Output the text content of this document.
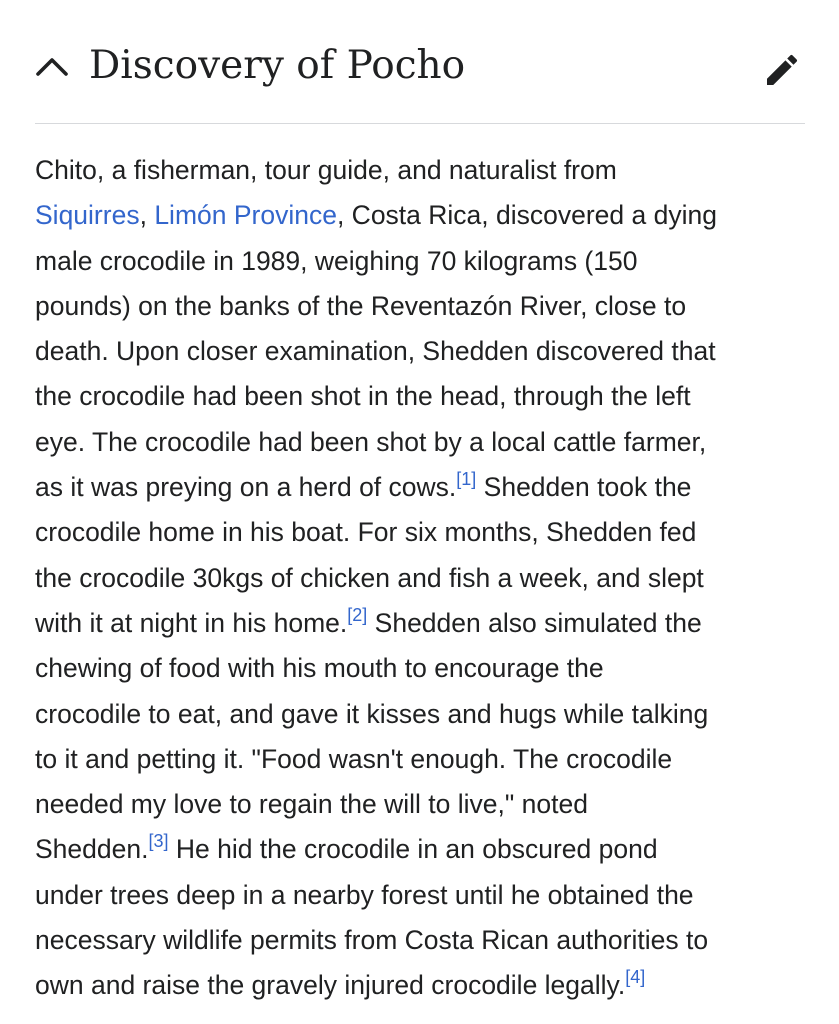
Discovery of Pocho

Chito, a fisherman, tour guide, and naturalist from
Siquirres, Limón Province, Costa Rica, discovered a dying
male crocodile in 1989, weighing 70 kilograms (150
pounds) on the banks of the Reventazón River, close to
death. Upon closer examination, Shedden discovered that
the crocodile had been shot in the head, through the left
eye. The crocodile had been shot by a local cattle farmer,
as it was preying on a herd of cows.[1] Shedden took the
crocodile home in his boat. For six months, Shedden fed
the crocodile 30kgs of chicken and fish a week, and slept
with it at night in his home.[2] Shedden also simulated the
chewing of food with his mouth to encourage the
crocodile to eat, and gave it kisses and hugs while talking
to it and petting it. "Food wasn't enough. The crocodile
needed my love to regain the will to live," noted
Shedden.[3] He hid the crocodile in an obscured pond
under trees deep in a nearby forest until he obtained the
necessary wildlife permits from Costa Rican authorities to
own and raise the gravely injured crocodile legally.[4]
